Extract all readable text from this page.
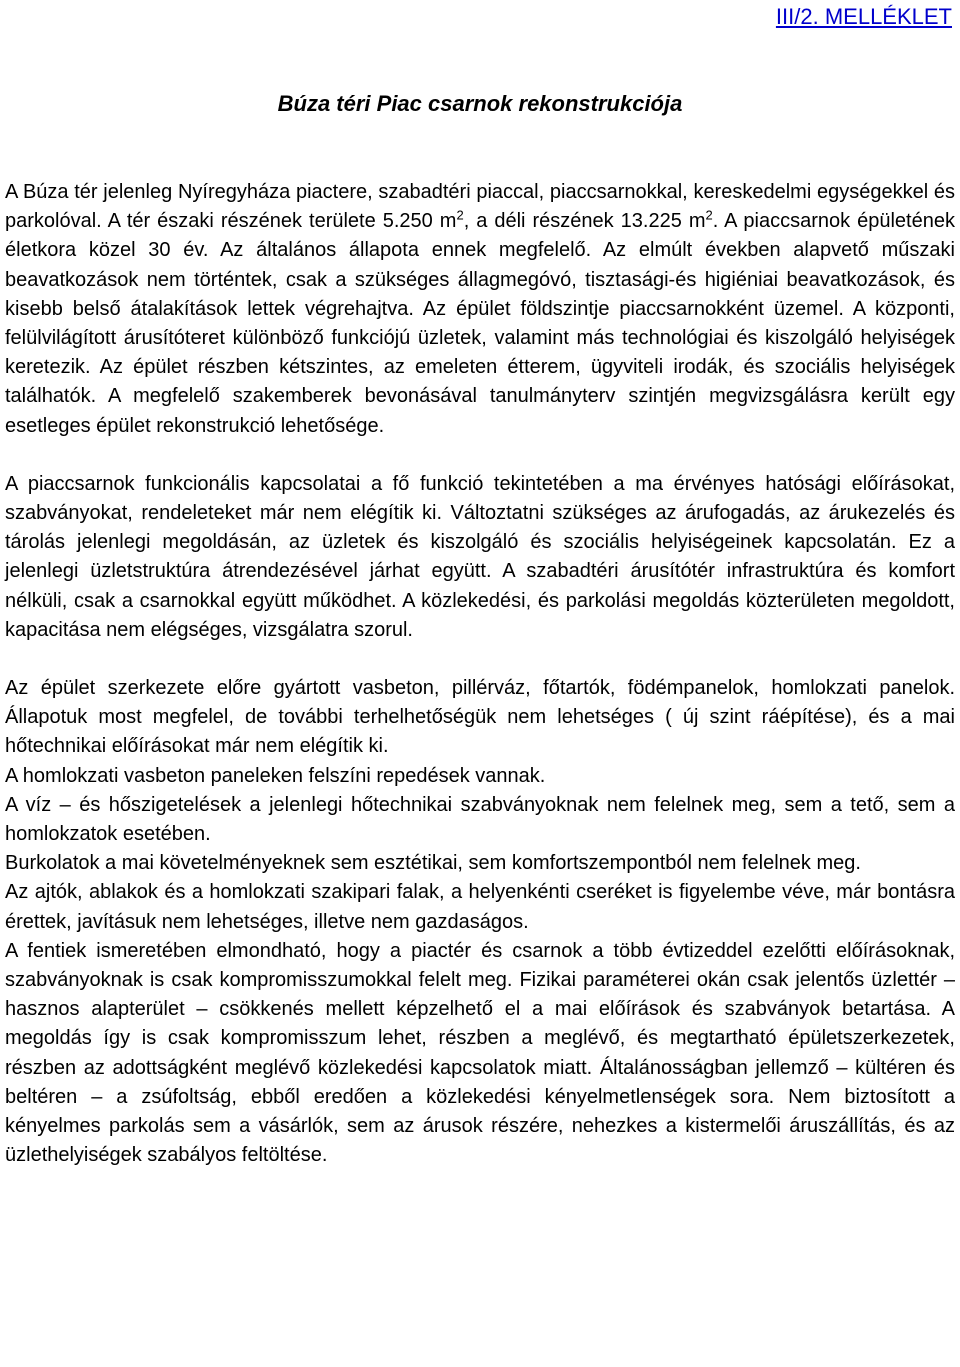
III/2. MELLÉKLET
Búza téri Piac csarnok rekonstrukciója

A Búza tér jelenleg Nyíregyháza piactere, szabadtéri piaccal, piaccsarnokkal, kereskedelmi egységekkel és parkolóval. A tér északi részének területe 5.250 $m^2$, a déli részének 13.225 $m^2$. A piaccsarnok épületének életkora közel 30 év. Az általános állapota ennek megfelelő. Az elmúlt években alapvető műszaki beavatkozások nem történtek, csak a szükséges állagmegóvó, tisztasági-és higiéniai beavatkozások, és kisebb belső átalakítások lettek végrehajtva. Az épület földszintje piaccsarnokként üzemel. A központi, felülvilágított árusítóteret különböző funkciójú üzletek, valamint más technológiai és kiszolgáló helyiségek keretezik. Az épület részben kétszintes, az emeleten étterem, ügyviteli irodák, és szociális helyiségek találhatók. A megfelelő szakemberek bevonásával tanulmányterv szintjén megvizsgálásra került egy esetleges épület rekonstrukció lehetősége.

A piaccsarnok funkcionális kapcsolatai a fő funkció tekintetében a ma érvényes hatósági előírásokat, szabványokat, rendeleteket már nem elégítik ki. Változtatni szükséges az árufogadás, az árukezelés és tárolás jelenlegi megoldásán, az üzletek és kiszolgáló és szociális helyiségeinek kapcsolatán. Ez a jelenlegi üzletstruktúra átrendezésével járhat együtt. A szabadtéri árusítótér infrastruktúra és komfort nélküli, csak a csarnokkal együtt működhet. A közlekedési, és parkolási megoldás közterületen megoldott, kapacitása nem elégséges, vizsgálatra szorul.

Az épület szerkezete előre gyártott vasbeton, pillérváz, főtartók, födémpanelok, homlokzati panelok. Állapotuk most megfelel, de további terhelhetőségük nem lehetséges ( új szint ráépítése), és a mai hőtechnikai előírásokat már nem elégítik ki.

A homlokzati vasbeton paneleken felszíni repedések vannak.

A víz – és hőszigetelések a jelenlegi hőtechnikai szabványoknak nem felelnek meg, sem a tető, sem a homlokzatok esetében.

Burkolatok a mai követelményeknek sem esztétikai, sem komfortszempontból nem felelnek meg.

Az ajtók, ablakok és a homlokzati szakipari falak, a helyenkénti cseréket is figyelembe véve, már bontásra érettek, javításuk nem lehetséges, illetve nem gazdaságos.

A fentiek ismeretében elmondható, hogy a piactér és csarnok a több évtizeddel ezelőtti előírásoknak, szabványoknak is csak kompromisszumokkal felelt meg. Fizikai paraméterei okán csak jelentős üzlettér – hasznos alapterület – csökkenés mellett képzelhető el a mai előírások és szabványok betartása. A megoldás így is csak kompromisszum lehet, részben a meglévő, és megtartható épületszerkezetek, részben az adottságként meglévő közlekedési kapcsolatok miatt. Általánosságban jellemző – kültéren és beltéren – a zsúfoltság, ebből eredően a közlekedési kényelmetlenségek sora. Nem biztosított a kényelmes parkolás sem a vásárlók, sem az árusok részére, nehezkes a kistermelői áruszállítás, és az üzlethelyiségek szabályos feltöltése.
